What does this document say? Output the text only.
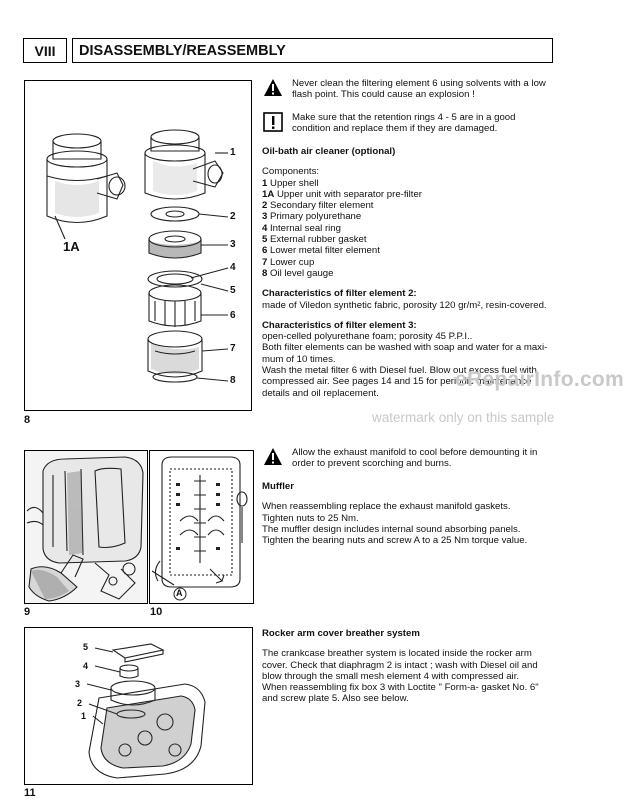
VIII	DISASSEMBLY/REASSEMBLY
1A
1
2
3
4
5
6
7
8
8
Never clean the filtering element 6 using solvents with a low flash point. This could cause an explosion !
Make sure that the retention rings 4 - 5 are in a good condition and replace them if they are damaged.

Oil-bath air cleaner (optional)

Components:

1 Upper shell

1A Upper unit with separator pre-filter

2 Secondary filter element

3 Primary polyurethane

4 Internal seal ring

5 External rubber gasket

6 Lower metal filter element

7 Lower cup

8 Oil level gauge

Characteristics of filter element 2:

made of Viledon synthetic fabric, porosity 120 gr/m², resin-covered.

Characteristics of filter element 3:

open-celled polyurethane foam; porosity 45 P.P.I..

Both filter elements can be washed with soap and water for a maxi-

mum of 10 times.

Wash the metal filter 6 with Diesel fuel. Blow out excess fuel with

compressed air. See pages 14 and 15 for periodic maintenance

details and oil replacement.

eRepairInfo.com
watermark only on this sample
A
9	10
Allow the exhaust manifold to cool before demounting it in order to prevent scorching and burns.

Muffler

When reassembling replace the exhaust manifold gaskets.

Tighten nuts to 25 Nm.

The muffler design includes internal sound absorbing panels.

Tighten the bearing nuts and screw A to a 25 Nm torque value.

5
4
3
2
1
11

Rocker arm cover breather system

The crankcase breather system is located inside the rocker arm

cover. Check that diaphragm 2 is intact ; wash with Diesel oil and

blow through the small mesh element 4 with compressed air.

When reassembling fix box 3 with Loctite " Form-a- gasket No. 6"

and screw plate 5. Also see below.
